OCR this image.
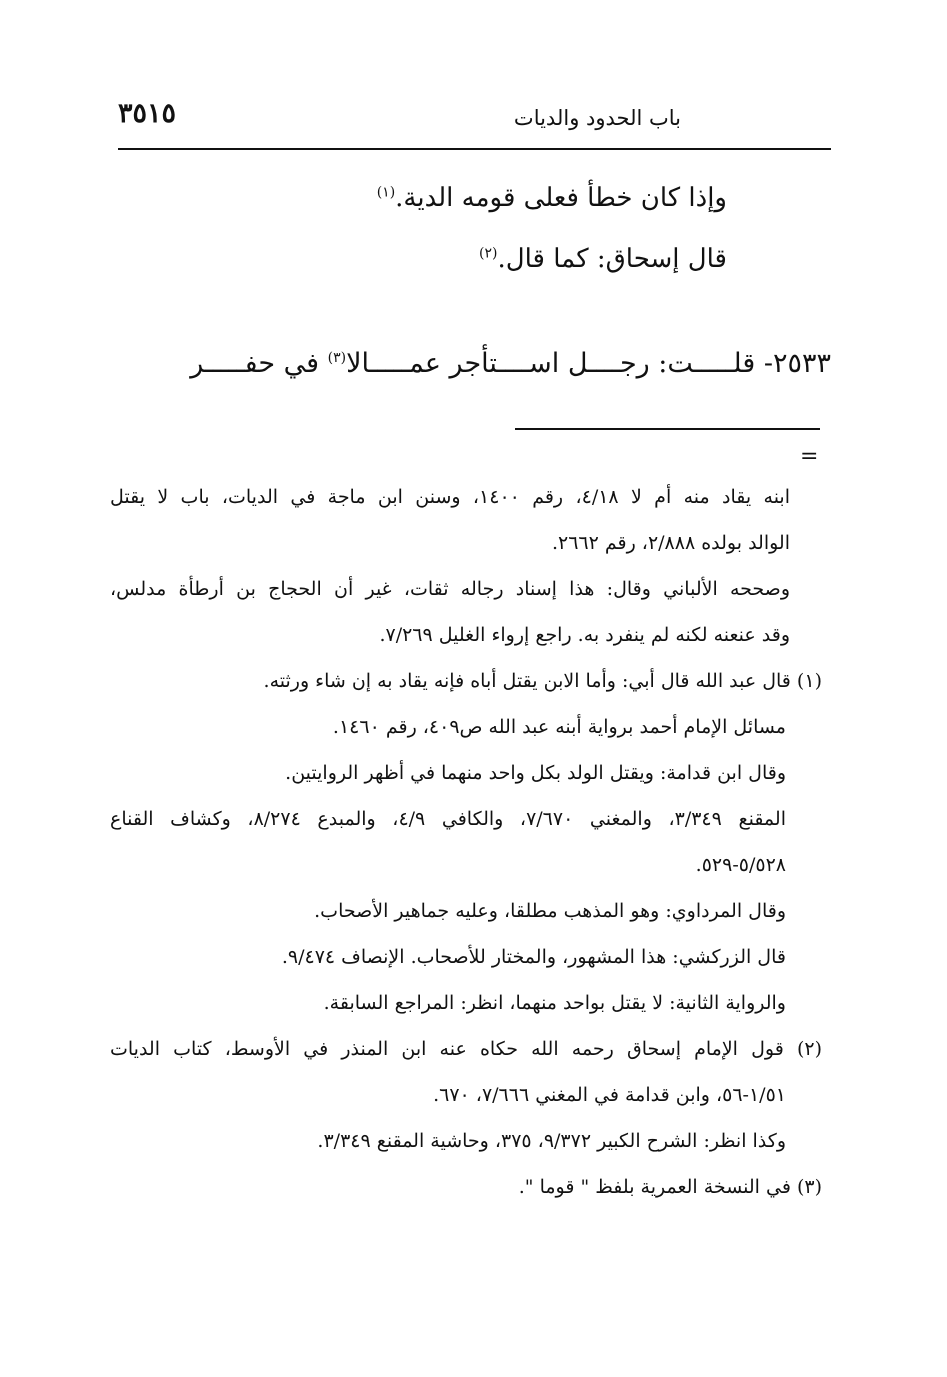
باب الحدود والديات
٣٥١٥
وإذا كان خطأ فعلى قومه الدية.$^{(١)}$
قال إسحاق: كما قال.$^{(٢)}$
٢٥٣٣- قلـــــت: رجــــل اســــتأجر عمـــــالا$^{(٣)}$ في حفـــــر
=
ابنه يقاد منه أم لا ٤/١٨، رقم ١٤٠٠، وسنن ابن ماجة في الديات، باب لا يقتل
الوالد بولده ٢/٨٨٨، رقم ٢٦٦٢.
وصححه الألباني وقال: هذا إسناد رجاله ثقات، غير أن الحجاج بن أرطأة مدلس،
وقد عنعنه لكنه لم ينفرد به. راجع إرواء الغليل ٧/٢٦٩.
(١) قال عبد الله قال أبي: وأما الابن يقتل أباه فإنه يقاد به إن شاء ورثته.
مسائل الإمام أحمد برواية أبنه عبد الله ص٤٠٩، رقم ١٤٦٠.
وقال ابن قدامة: ويقتل الولد بكل واحد منهما في أظهر الروايتين.
المقنع ٣/٣٤٩، والمغني ٧/٦٧٠، والكافي ٤/٩، والمبدع ٨/٢٧٤، وكشاف القناع
٥/٥٢٨-٥٢٩.
وقال المرداوي: وهو المذهب مطلقا، وعليه جماهير الأصحاب.
قال الزركشي: هذا المشهور، والمختار للأصحاب. الإنصاف ٩/٤٧٤.
والرواية الثانية: لا يقتل بواحد منهما، انظر: المراجع السابقة.
(٢) قول الإمام إسحاق رحمه الله حكاه عنه ابن المنذر في الأوسط، كتاب الديات
١/٥١-٥٦، وابن قدامة في المغني ٧/٦٦٦، ٦٧٠.
وكذا انظر: الشرح الكبير ٩/٣٧٢، ٣٧٥، وحاشية المقنع ٣/٣٤٩.
(٣) في النسخة العمرية بلفظ " قوما ".
